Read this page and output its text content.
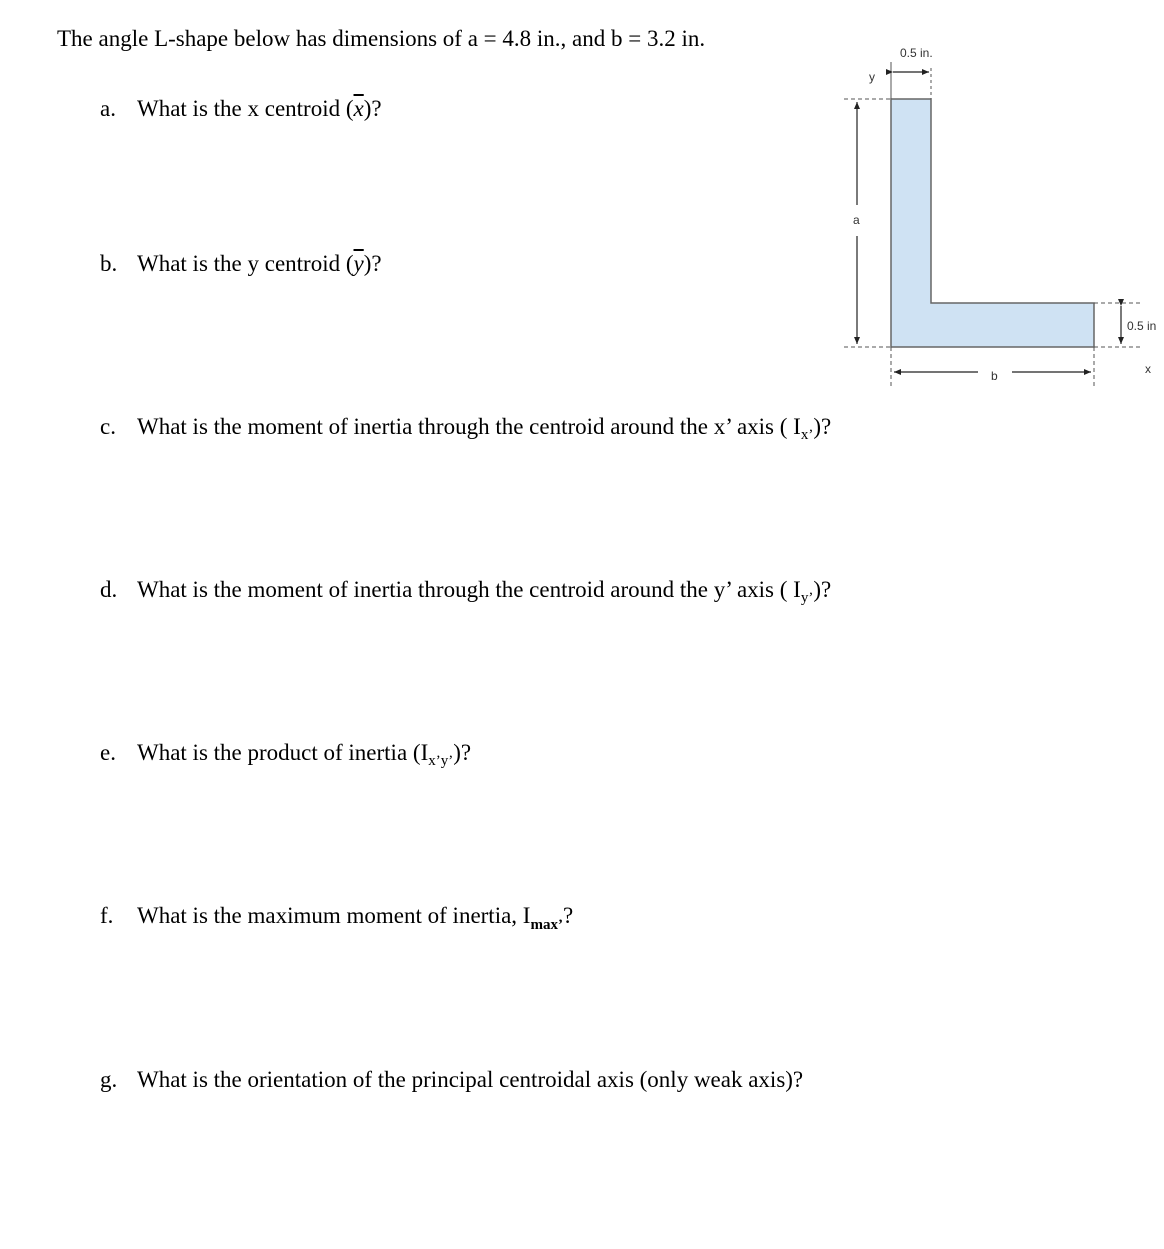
The angle L-shape below has dimensions of a = 4.8 in., and b = 3.2 in.
a. What is the x centroid $(\overline{x})$?
b. What is the y centroid $(\overline{y})$?
c. What is the moment of inertia through the centroid around the x’ axis ( $I_{x’}$)?
d. What is the moment of inertia through the centroid around the y’ axis ( $I_{y’}$)?
e. What is the product of inertia $(I_{x’y’})$?
f. What is the maximum moment of inertia, $I_{max’}$?
g. What is the orientation of the principal centroidal axis (only weak axis)?
0.5 in.
y
a
b
0.5 in
x
